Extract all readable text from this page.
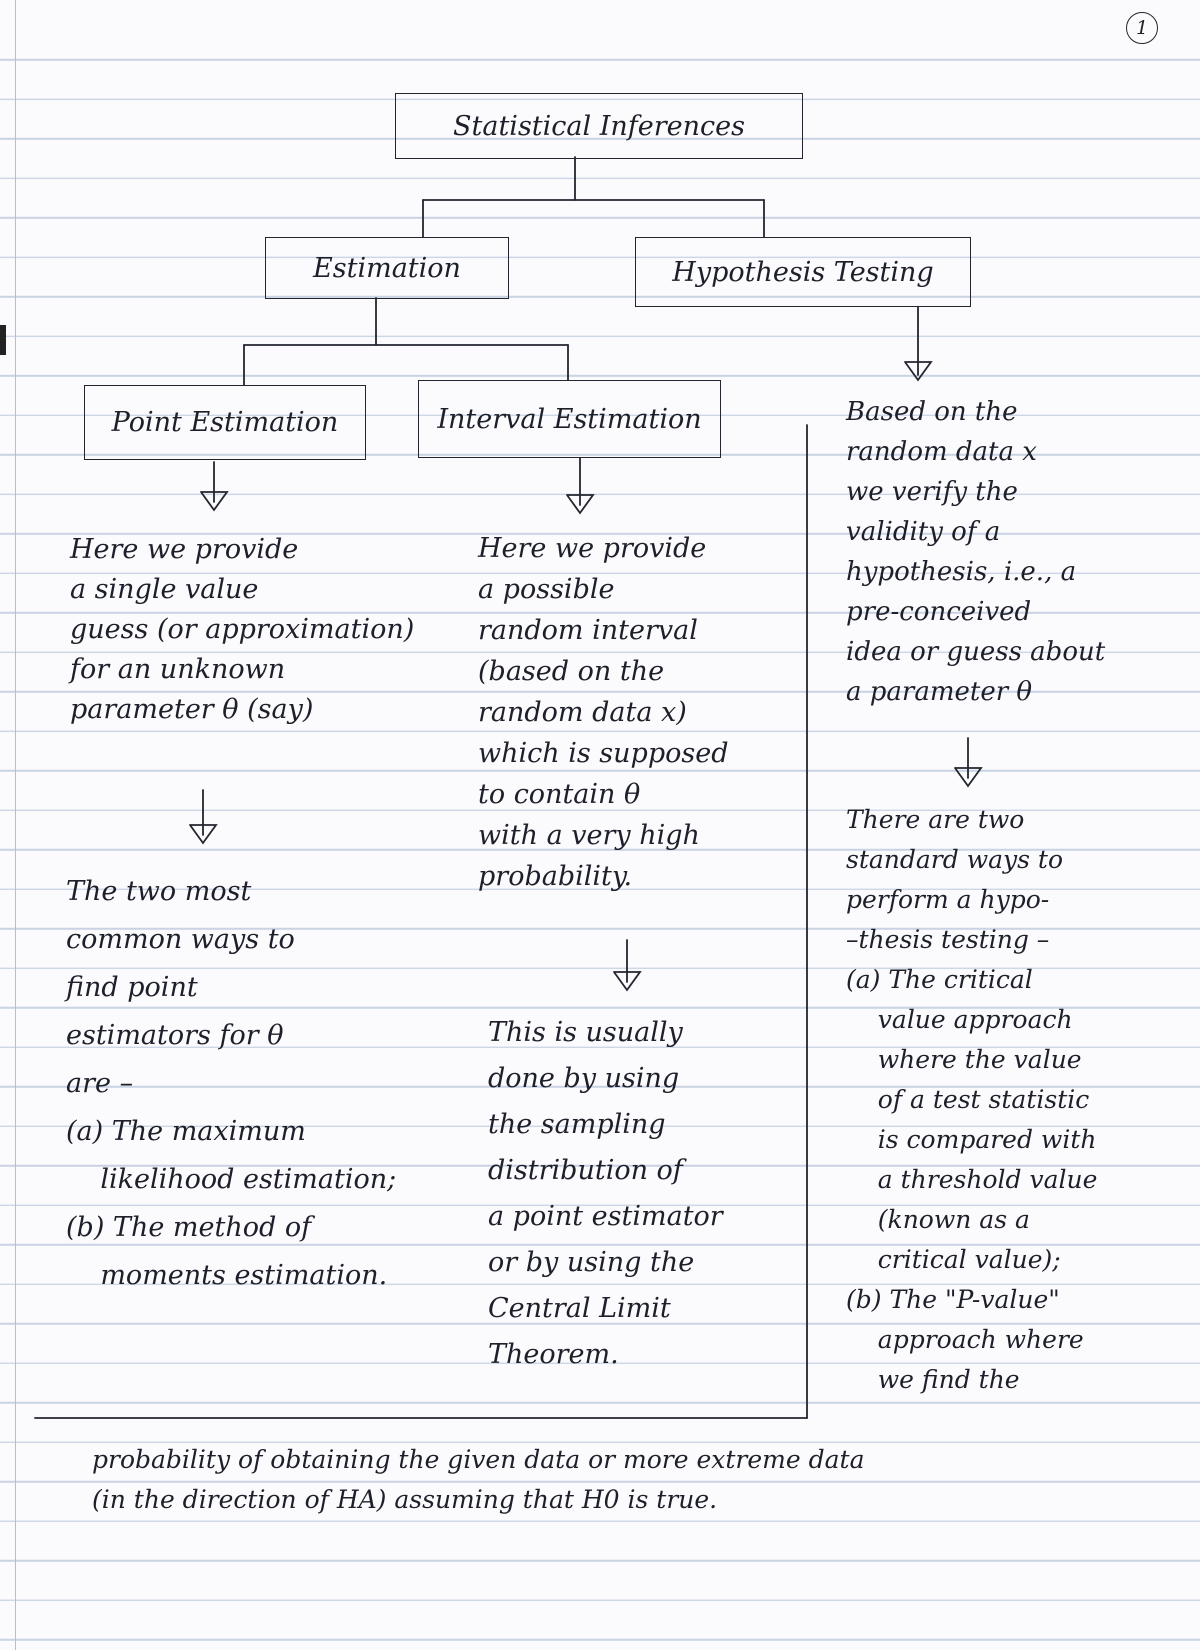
1
Statistical Inferences
Estimation	Hypothesis Testing
Point Estimation	Interval Estimation

Here we provide
a single value
guess (or approximation)
for an unknown
parameter θ (say)

The two most
common ways to
find point
estimators for θ
are –
(a) The maximum
likelihood estimation;
(b) The method of
moments estimation.

Here we provide
a possible
random interval
(based on the
random data x)
which is supposed
to contain θ
with a very high
probability.

This is usually
done by using
the sampling
distribution of
a point estimator
or by using the
Central Limit
Theorem.

Based on the
random data x
we verify the
validity of a
hypothesis, i.e., a
pre-conceived
idea or guess about
a parameter θ

There are two
standard ways to
perform a hypo-
–thesis testing –
(a) The critical
value approach
where the value
of a test statistic
is compared with
a threshold value
(known as a
critical value);
(b) The "P-value"
approach where
we find the

probability of obtaining the given data or more extreme data
(in the direction of HA) assuming that H0 is true.
